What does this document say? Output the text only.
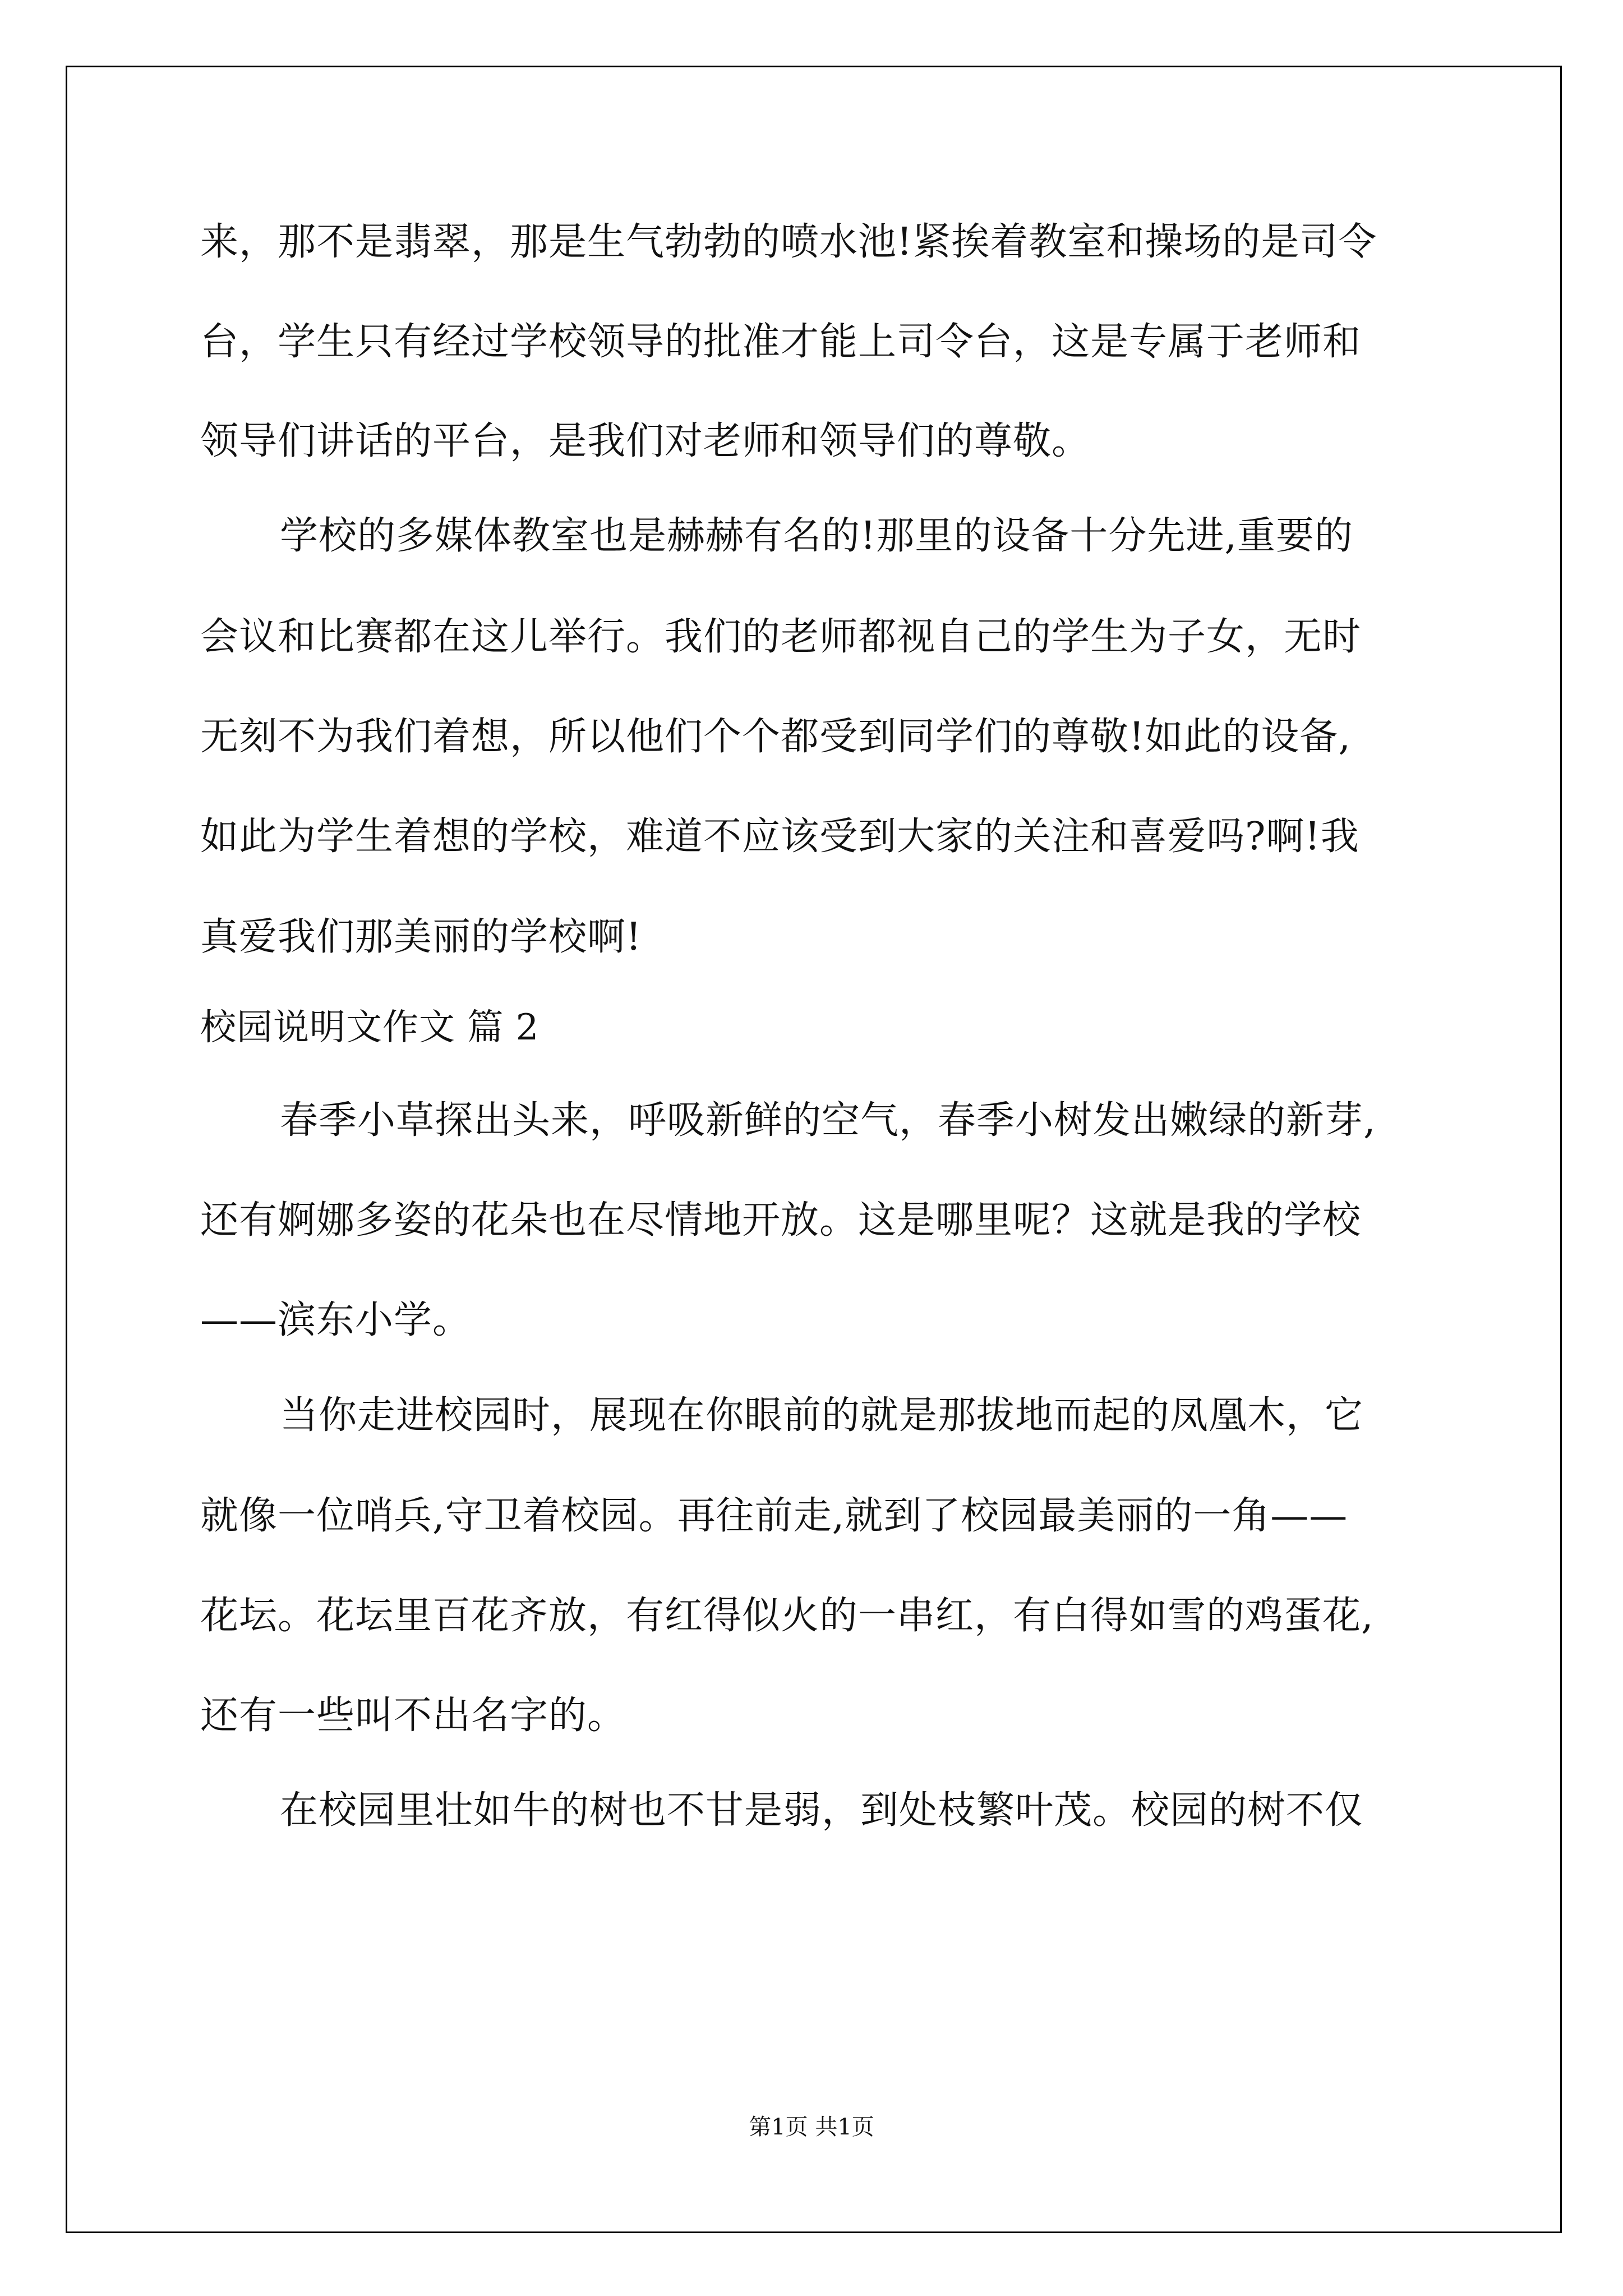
来，那不是翡翠，那是生气勃勃的喷水池!紧挨着教室和操场的是司令
台，学生只有经过学校领导的批准才能上司令台，这是专属于老师和
领导们讲话的平台，是我们对老师和领导们的尊敬。
学校的多媒体教室也是赫赫有名的!那里的设备十分先进,重要的
会议和比赛都在这儿举行。我们的老师都视自己的学生为子女，无时
无刻不为我们着想，所以他们个个都受到同学们的尊敬!如此的设备,
如此为学生着想的学校，难道不应该受到大家的关注和喜爱吗?啊!我
真爱我们那美丽的学校啊!
校园说明文作文 篇 2
春季小草探出头来，呼吸新鲜的空气，春季小树发出嫩绿的新芽,
还有婀娜多姿的花朵也在尽情地开放。这是哪里呢？这就是我的学校
——滨东小学。
当你走进校园时，展现在你眼前的就是那拔地而起的凤凰木，它
就像一位哨兵,守卫着校园。再往前走,就到了校园最美丽的一角——
花坛。花坛里百花齐放，有红得似火的一串红，有白得如雪的鸡蛋花,
还有一些叫不出名字的。
在校园里壮如牛的树也不甘是弱，到处枝繁叶茂。校园的树不仅
第1页 共1页
